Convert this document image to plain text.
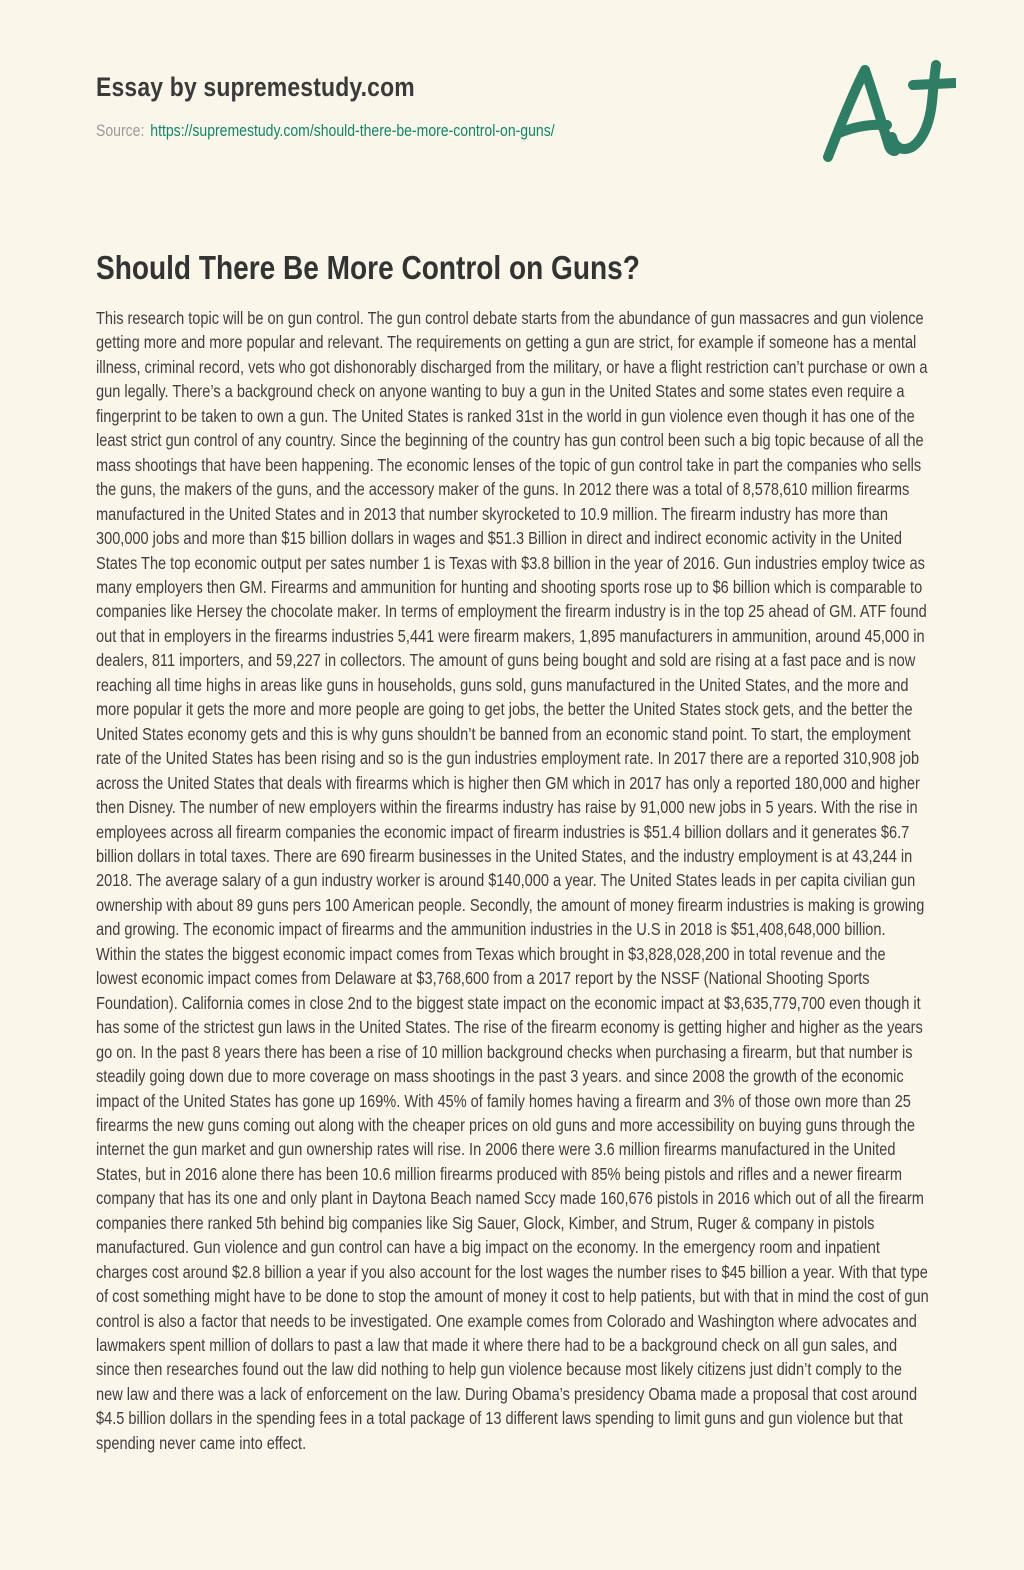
Essay by supremestudy.com
Source: https://supremestudy.com/should-there-be-more-control-on-guns/
Should There Be More Control on Guns?

This research topic will be on gun control. The gun control debate starts from the abundance of gun massacres and gun violence getting more and more popular and relevant. The requirements on getting a gun are strict, for example if someone has a mental illness, criminal record, vets who got dishonorably discharged from the military, or have a flight restriction can’t purchase or own a gun legally. There’s a background check on anyone wanting to buy a gun in the United States and some states even require a fingerprint to be taken to own a gun. The United States is ranked 31st in the world in gun violence even though it has one of the least strict gun control of any country. Since the beginning of the country has gun control been such a big topic because of all the mass shootings that have been happening. The economic lenses of the topic of gun control take in part the companies who sells the guns, the makers of the guns, and the accessory maker of the guns. In 2012 there was a total of 8,578,610 million firearms manufactured in the United States and in 2013 that number skyrocketed to 10.9 million. The firearm industry has more than 300,000 jobs and more than $15 billion dollars in wages and $51.3 Billion in direct and indirect economic activity in the United States The top economic output per sates number 1 is Texas with $3.8 billion in the year of 2016. Gun industries employ twice as many employers then GM. Firearms and ammunition for hunting and shooting sports rose up to $6 billion which is comparable to companies like Hersey the chocolate maker. In terms of employment the firearm industry is in the top 25 ahead of GM. ATF found out that in employers in the firearms industries 5,441 were firearm makers, 1,895 manufacturers in ammunition, around 45,000 in dealers, 811 importers, and 59,227 in collectors. The amount of guns being bought and sold are rising at a fast pace and is now reaching all time highs in areas like guns in households, guns sold, guns manufactured in the United States, and the more and more popular it gets the more and more people are going to get jobs, the better the United States stock gets, and the better the United States economy gets and this is why guns shouldn’t be banned from an economic stand point. To start, the employment rate of the United States has been rising and so is the gun industries employment rate. In 2017 there are a reported 310,908 job across the United States that deals with firearms which is higher then GM which in 2017 has only a reported 180,000 and higher then Disney. The number of new employers within the firearms industry has raise by 91,000 new jobs in 5 years. With the rise in employees across all firearm companies the economic impact of firearm industries is $51.4 billion dollars and it generates $6.7 billion dollars in total taxes. There are 690 firearm businesses in the United States, and the industry employment is at 43,244 in 2018. The average salary of a gun industry worker is around $140,000 a year. The United States leads in per capita civilian gun ownership with about 89 guns pers 100 American people. Secondly, the amount of money firearm industries is making is growing and growing. The economic impact of firearms and the ammunition industries in the U.S in 2018 is $51,408,648,000 billion. Within the states the biggest economic impact comes from Texas which brought in $3,828,028,200 in total revenue and the lowest economic impact comes from Delaware at $3,768,600 from a 2017 report by the NSSF (National Shooting Sports Foundation). California comes in close 2nd to the biggest state impact on the economic impact at $3,635,779,700 even though it has some of the strictest gun laws in the United States. The rise of the firearm economy is getting higher and higher as the years go on. In the past 8 years there has been a rise of 10 million background checks when purchasing a firearm, but that number is steadily going down due to more coverage on mass shootings in the past 3 years. and since 2008 the growth of the economic impact of the United States has gone up 169%. With 45% of family homes having a firearm and 3% of those own more than 25 firearms the new guns coming out along with the cheaper prices on old guns and more accessibility on buying guns through the internet the gun market and gun ownership rates will rise. In 2006 there were 3.6 million firearms manufactured in the United States, but in 2016 alone there has been 10.6 million firearms produced with 85% being pistols and rifles and a newer firearm company that has its one and only plant in Daytona Beach named Sccy made 160,676 pistols in 2016 which out of all the firearm companies there ranked 5th behind big companies like Sig Sauer, Glock, Kimber, and Strum, Ruger & company in pistols manufactured. Gun violence and gun control can have a big impact on the economy. In the emergency room and inpatient charges cost around $2.8 billion a year if you also account for the lost wages the number rises to $45 billion a year. With that type of cost something might have to be done to stop the amount of money it cost to help patients, but with that in mind the cost of gun control is also a factor that needs to be investigated. One example comes from Colorado and Washington where advocates and lawmakers spent million of dollars to past a law that made it where there had to be a background check on all gun sales, and since then researches found out the law did nothing to help gun violence because most likely citizens just didn’t comply to the new law and there was a lack of enforcement on the law. During Obama’s presidency Obama made a proposal that cost around $4.5 billion dollars in the spending fees in a total package of 13 different laws spending to limit guns and gun violence but that spending never came into effect.
